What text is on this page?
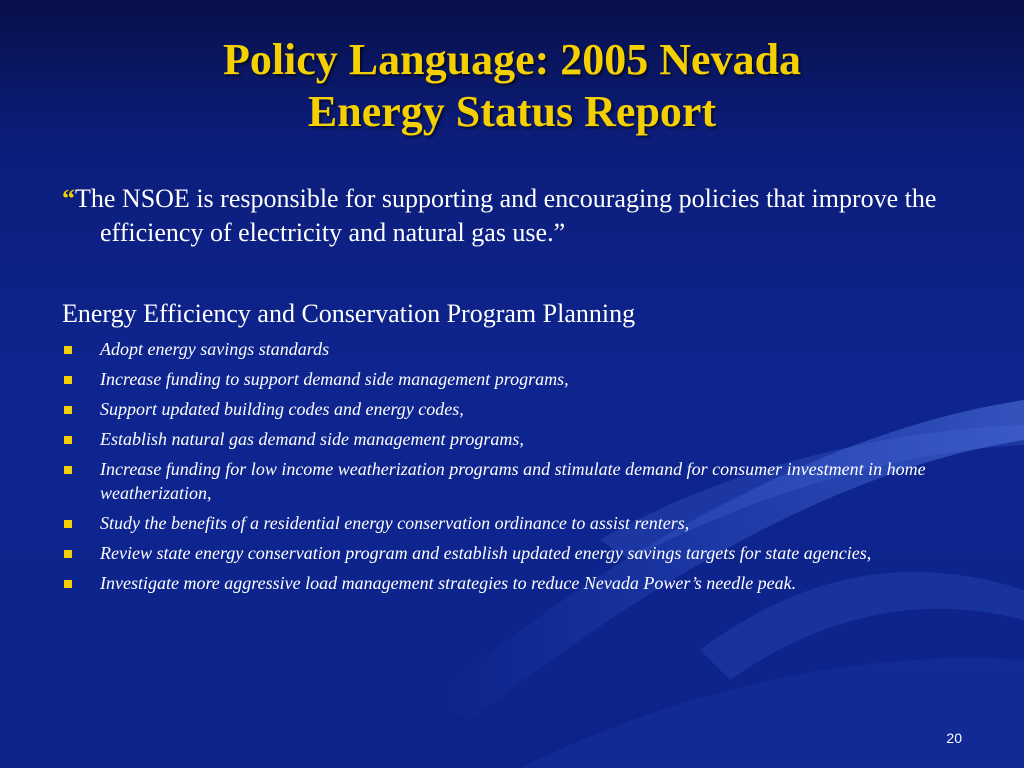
Policy Language: 2005 Nevada
Energy Status Report
“The NSOE is responsible for supporting and encouraging policies that improve the efficiency of electricity and natural gas use.”
Energy Efficiency and Conservation Program Planning
Adopt energy savings standards
Increase funding to support demand side management programs,
Support updated building codes and energy codes,
Establish natural gas demand side management programs,
Increase funding for low income weatherization programs and stimulate demand for consumer investment in home weatherization,
Study the benefits of a residential energy conservation ordinance to assist renters,
Review state energy conservation program and establish updated energy savings targets for state agencies,
Investigate more aggressive load management strategies to reduce Nevada Power’s needle peak.
20
